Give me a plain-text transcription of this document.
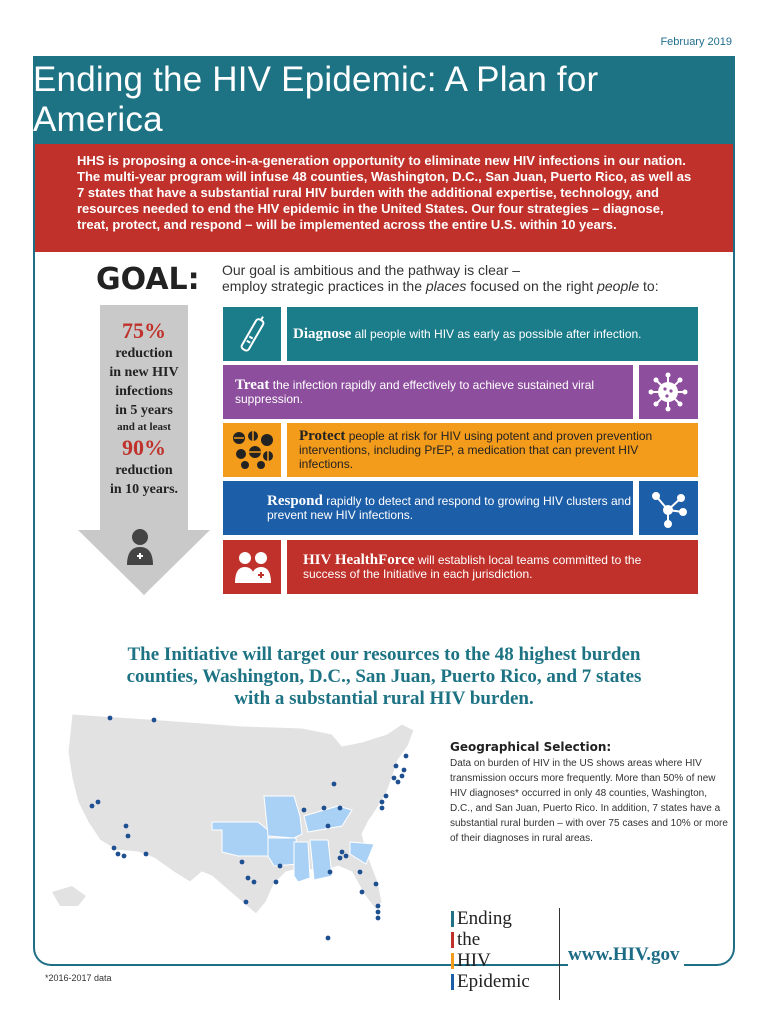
February 2019
Ending the HIV Epidemic: A Plan for America

HHS is proposing a once-in-a-generation opportunity to eliminate new HIV infections in our nation. The multi-year program will infuse 48 counties, Washington, D.C., San Juan, Puerto Rico, as well as 7 states that have a substantial rural HIV burden with the additional expertise, technology, and resources needed to end the HIV epidemic in the United States. Our four strategies – diagnose, treat, protect, and respond – will be implemented across the entire U.S. within 10 years.

GOAL:
75%
reduction
in new HIV
infections
in 5 years
and at least
90%
reduction
in 10 years.
Our goal is ambitious and the pathway is clear –
employ strategic practices in the places focused on the right people to:
Diagnose all people with HIV as early as possible after infection.
Treat the infection rapidly and effectively to achieve sustained viral suppression.
Protect people at risk for HIV using potent and proven prevention interventions, including PrEP, a medication that can prevent HIV infections.
Respond rapidly to detect and respond to growing HIV clusters and prevent new HIV infections.
HIV HealthForce will establish local teams committed to the success of the Initiative in each jurisdiction.
The Initiative will target our resources to the 48 highest burden
counties, Washington, D.C., San Juan, Puerto Rico, and 7 states
with a substantial rural HIV burden.
Geographical Selection:

Data on burden of HIV in the US shows areas where HIV transmission occurs more frequently. More than 50% of new HIV diagnoses* occurred in only 48 counties, Washington, D.C., and San Juan, Puerto Rico. In addition, 7 states have a substantial rural burden – with over 75 cases and 10% or more of their diagnoses in rural areas.

Ending
the
HIV
Epidemic
www.HIV.gov
*2016-2017 data
